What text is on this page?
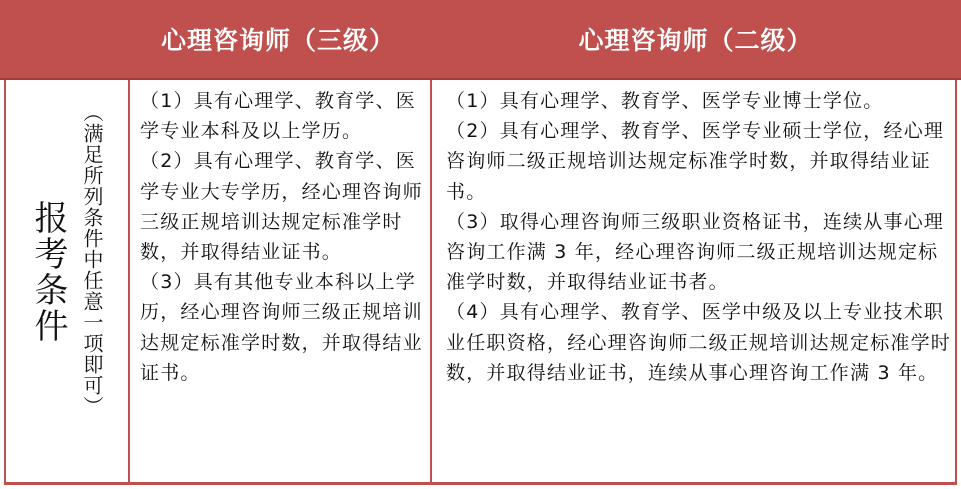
心理咨询师（三级）	心理咨询师（二级）
报考条件 （满足所列条件中任意一项即可）

（1）具有心理学、教育学、医学专业本科及以上学历。

（2）具有心理学、教育学、医学专业大专学历，经心理咨询师三级正规培训达规定标准学时数，并取得结业证书。

（3）具有其他专业本科以上学历，经心理咨询师三级正规培训达规定标准学时数，并取得结业证书。

（1）具有心理学、教育学、医学专业博士学位。

（2）具有心理学、教育学、医学专业硕士学位，经心理咨询师二级正规培训达规定标准学时数，并取得结业证书。

（3）取得心理咨询师三级职业资格证书，连续从事心理咨询工作满 3 年，经心理咨询师二级正规培训达规定标准学时数，并取得结业证书者。

（4）具有心理学、教育学、医学中级及以上专业技术职业任职资格，经心理咨询师二级正规培训达规定标准学时数，并取得结业证书，连续从事心理咨询工作满 3 年。
